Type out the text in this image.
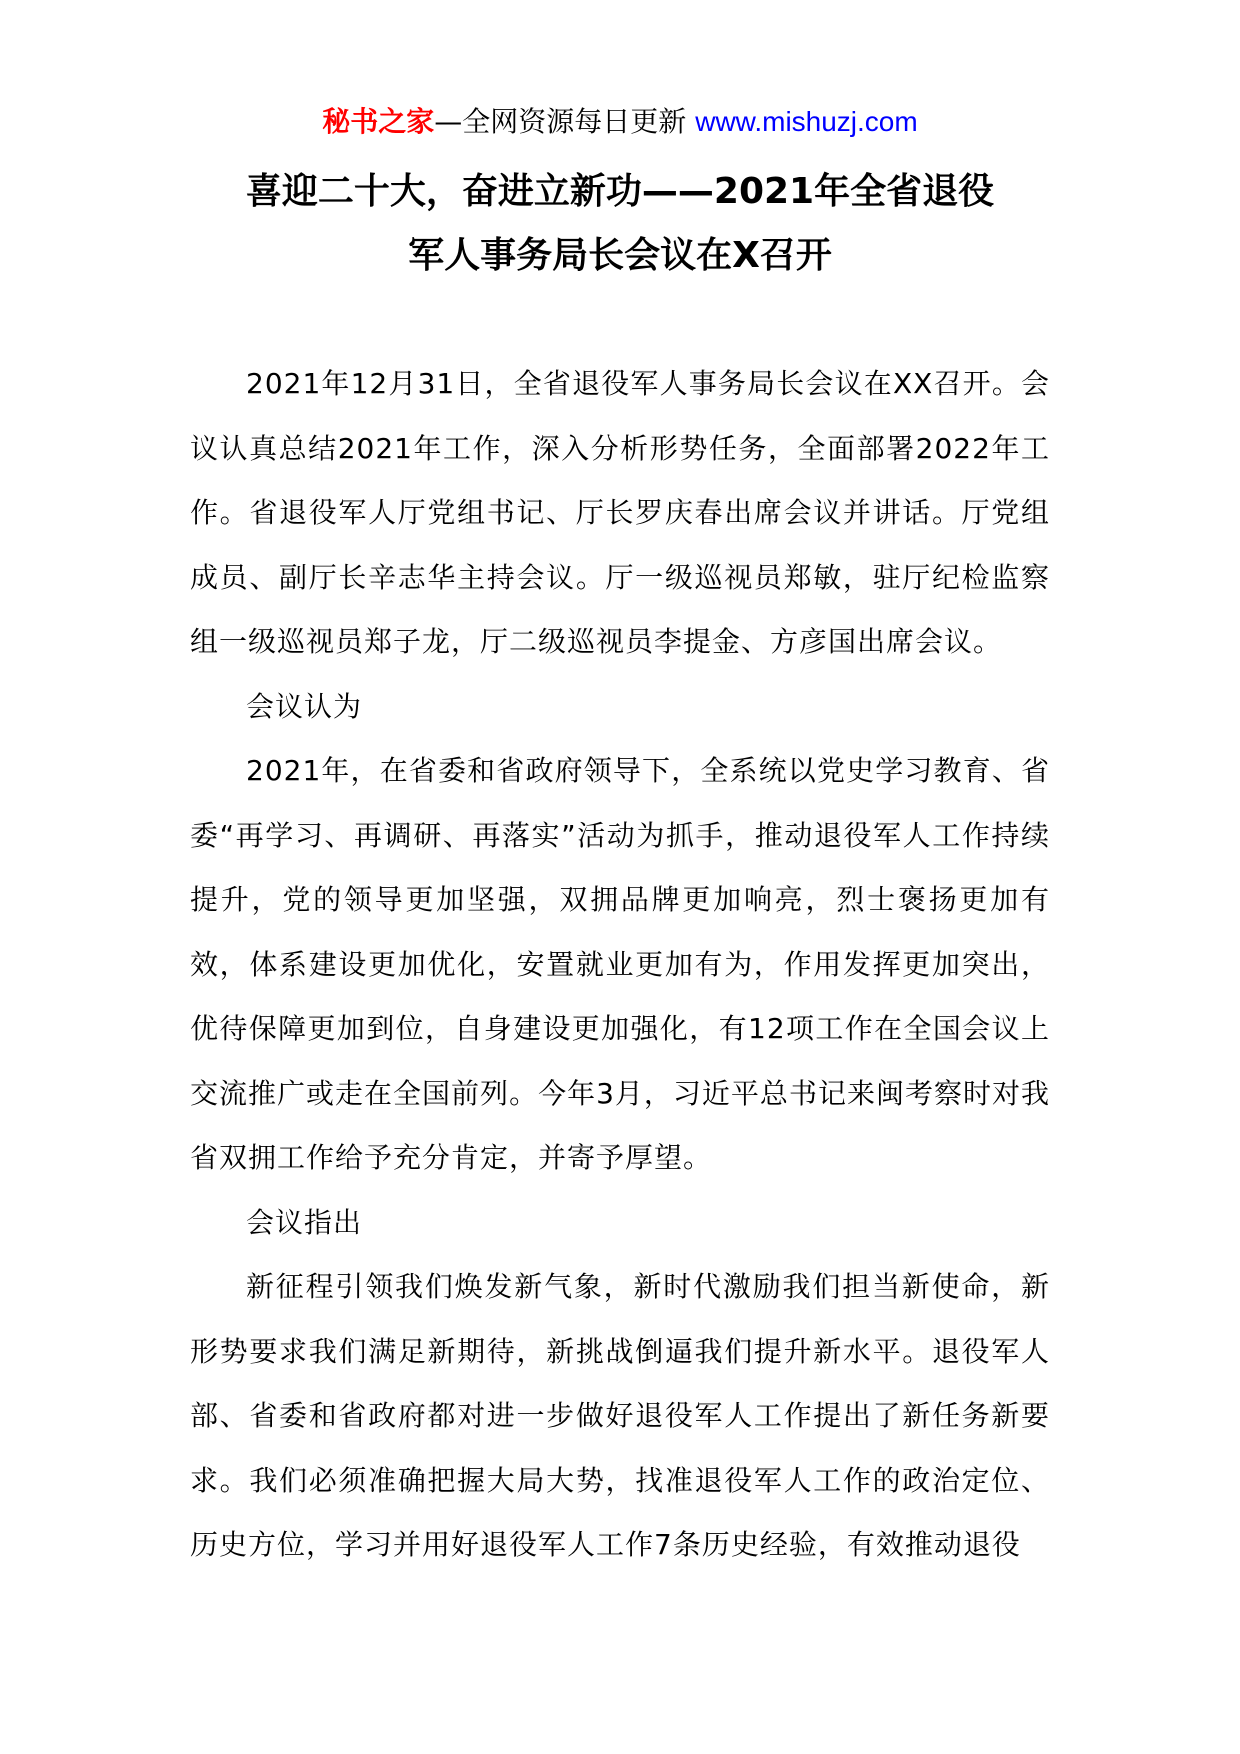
秘书之家—全网资源每日更新 www.mishuzj.com
喜迎二十大，奋进立新功——2021年全省退役
军人事务局长会议在X召开

2021年12月31日，全省退役军人事务局长会议在XX召开。会议认真总结2021年工作，深入分析形势任务，全面部署2022年工作。省退役军人厅党组书记、厅长罗庆春出席会议并讲话。厅党组成员、副厅长辛志华主持会议。厅一级巡视员郑敏，驻厅纪检监察组一级巡视员郑子龙，厅二级巡视员李提金、方彦国出席会议。

会议认为

2021年，在省委和省政府领导下，全系统以党史学习教育、省委“再学习、再调研、再落实”活动为抓手，推动退役军人工作持续提升，党的领导更加坚强，双拥品牌更加响亮，烈士褒扬更加有效，体系建设更加优化，安置就业更加有为，作用发挥更加突出，优待保障更加到位，自身建设更加强化，有12项工作在全国会议上交流推广或走在全国前列。今年3月，习近平总书记来闽考察时对我省双拥工作给予充分肯定，并寄予厚望。

会议指出

新征程引领我们焕发新气象，新时代激励我们担当新使命，新形势要求我们满足新期待，新挑战倒逼我们提升新水平。退役军人部、省委和省政府都对进一步做好退役军人工作提出了新任务新要求。我们必须准确把握大局大势，找准退役军人工作的政治定位、历史方位，学习并用好退役军人工作7条历史经验，有效推动退役
